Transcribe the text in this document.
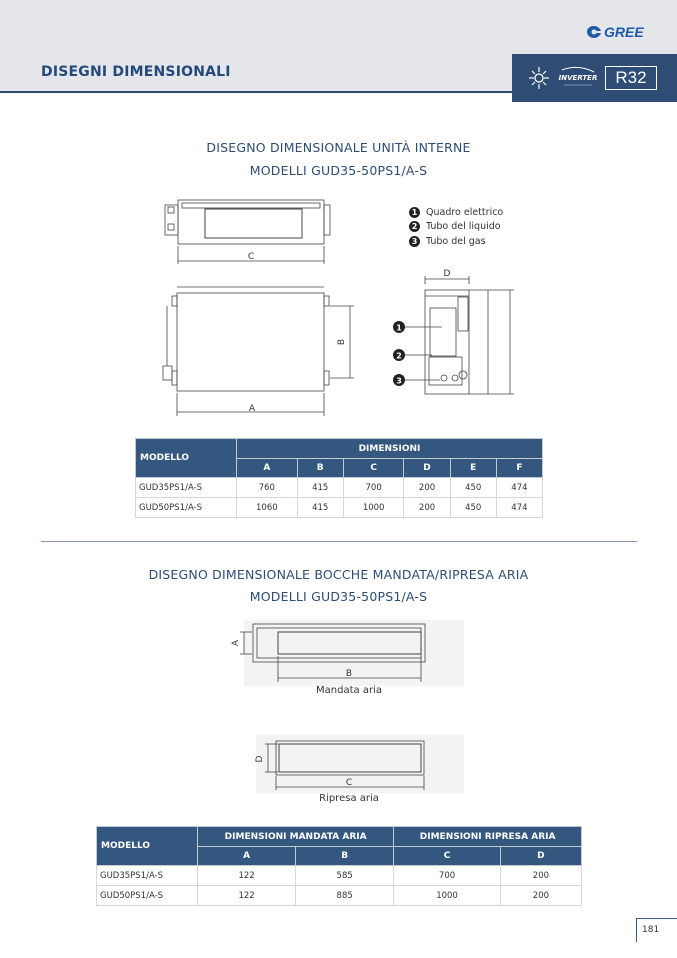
DISEGNI DIMENSIONALI
GREE
INVERTER	R32
DISEGNO DIMENSIONALE UNITÀ INTERNE
MODELLI GUD35-50PS1/A-S
C
A
B
D
1
2
3
1 Quadro elettrico
2 Tubo del liquido
3 Tubo del gas
MODELLO	DIMENSIONI					
	A	B	C	D	E	F
GUD35PS1/A-S	760	415	700	200	450	474
GUD50PS1/A-S	1060	415	1000	200	450	474
DISEGNO DIMENSIONALE BOCCHE MANDATA/RIPRESA ARIA
MODELLI GUD35-50PS1/A-S
A
B
D
C
Mandata aria
Ripresa aria
MODELLO	DIMENSIONI MANDATA ARIA		DIMENSIONI RIPRESA ARIA	
	A	B	C	D
GUD35PS1/A-S	122	585	700	200
GUD50PS1/A-S	122	885	1000	200
181
